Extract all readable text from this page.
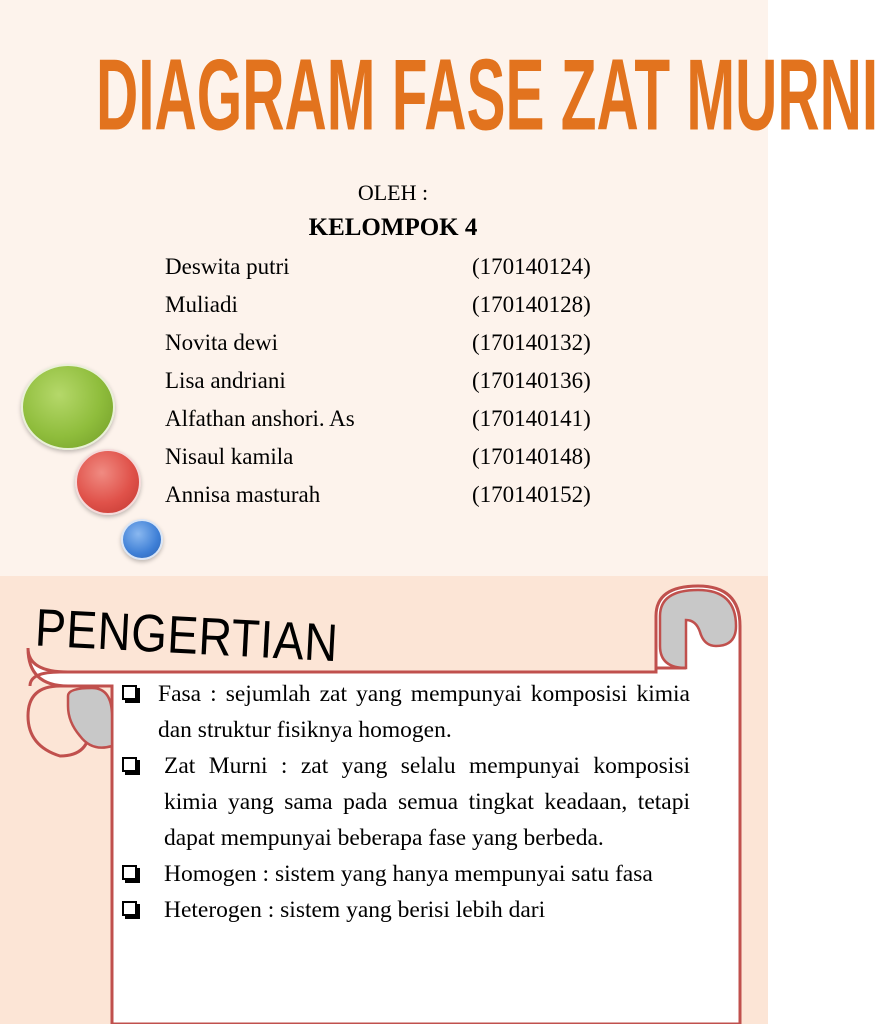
DIAGRAM FASE ZAT MURNI
OLEH :
KELOMPOK 4
Deswita putri	(170140124)
Muliadi	(170140128)
Novita dewi	(170140132)
Lisa andriani	(170140136)
Alfathan anshori. As	(170140141)
Nisaul kamila	(170140148)
Annisa masturah	(170140152)
PENGERTIAN
Fasa : sejumlah zat yang mempunyai komposisi kimia dan struktur fisiknya homogen.
Zat Murni : zat yang selalu mempunyai komposisi kimia yang sama pada semua tingkat keadaan, tetapi dapat mempunyai beberapa fase yang berbeda.
Homogen : sistem yang hanya mempunyai satu fasa
Heterogen : sistem yang berisi lebih dari
